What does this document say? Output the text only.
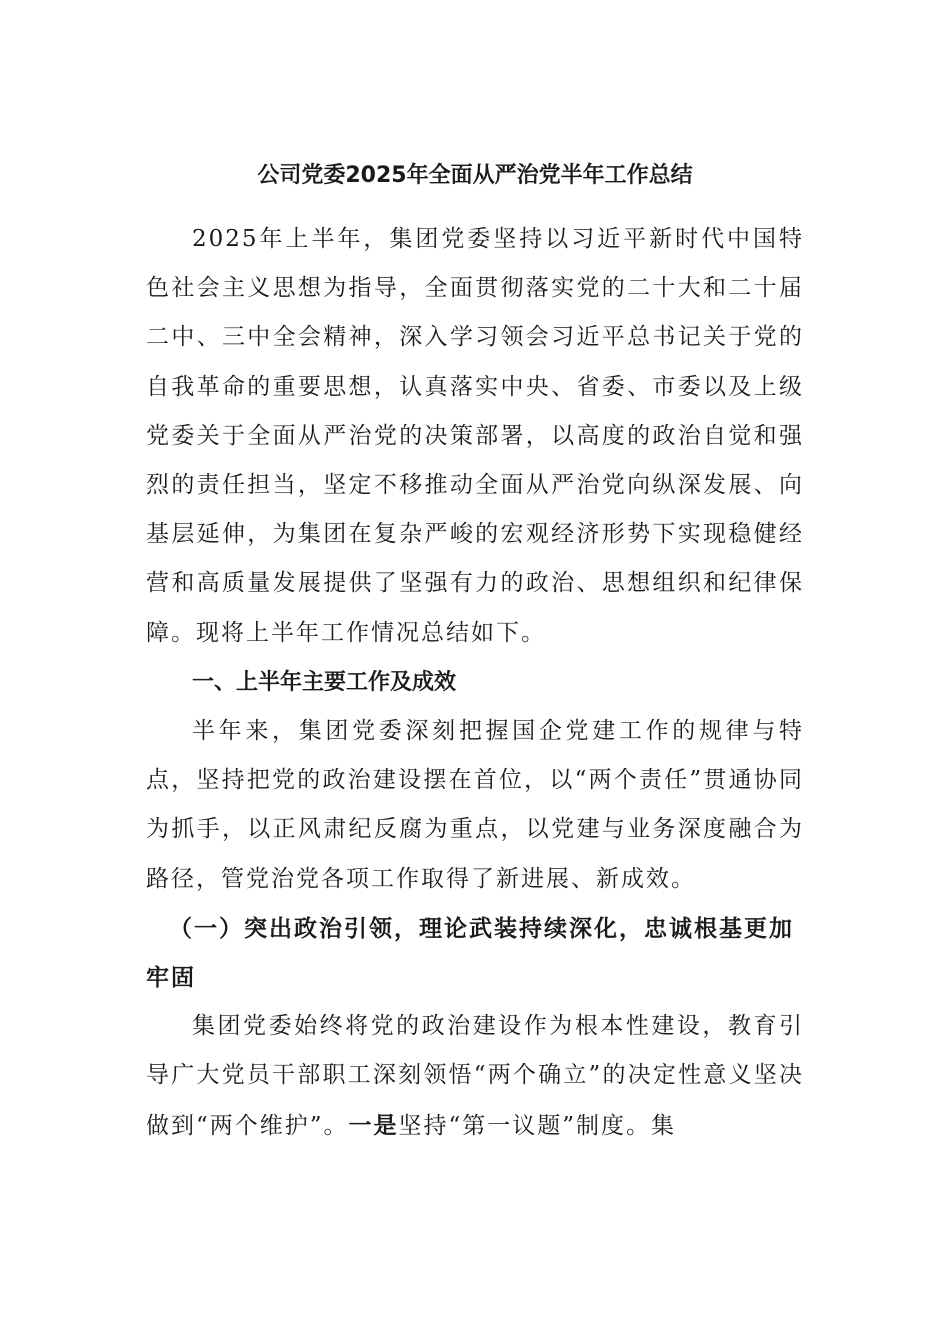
公司党委2025年全面从严治党半年工作总结

2025年上半年，集团党委坚持以习近平新时代中国特色社会主义思想为指导，全面贯彻落实党的二十大和二十届二中、三中全会精神，深入学习领会习近平总书记关于党的自我革命的重要思想，认真落实中央、省委、市委以及上级党委关于全面从严治党的决策部署，以高度的政治自觉和强烈的责任担当，坚定不移推动全面从严治党向纵深发展、向基层延伸，为集团在复杂严峻的宏观经济形势下实现稳健经营和高质量发展提供了坚强有力的政治、思想组织和纪律保障。现将上半年工作情况总结如下。

一、上半年主要工作及成效

半年来，集团党委深刻把握国企党建工作的规律与特点，坚持把党的政治建设摆在首位，以“两个责任”贯通协同为抓手，以正风肃纪反腐为重点，以党建与业务深度融合为路径，管党治党各项工作取得了新进展、新成效。

（一）突出政治引领，理论武装持续深化，忠诚根基更加牢固

集团党委始终将党的政治建设作为根本性建设，教育引导广大党员干部职工深刻领悟“两个确立”的决定性意义坚决做到“两个维护”。一是坚持“第一议题”制度。集
